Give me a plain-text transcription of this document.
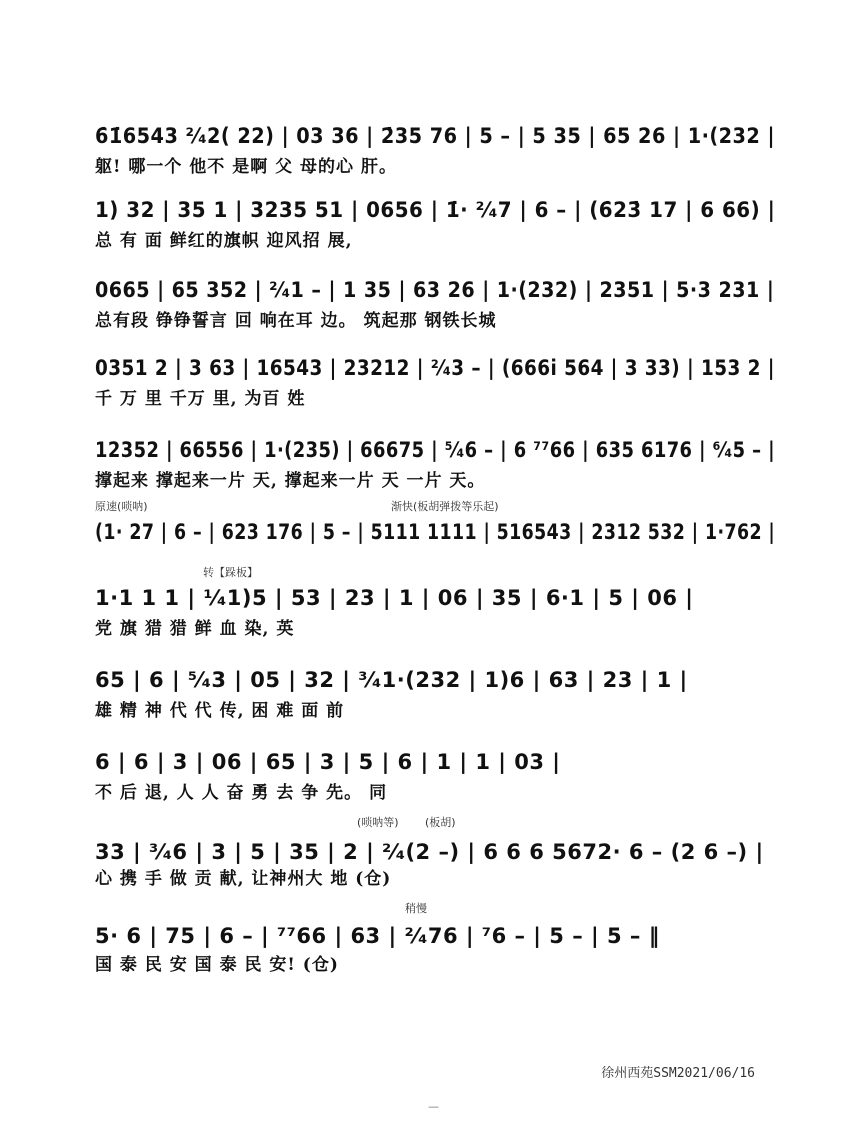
6̇1̇6543 ²⁄₄2( 22) | 03 36 | 2̇35 76 | 5 – | 5 35 | 65 26 | 1·(232 |
躯! 哪一个 他不 是啊 父 母的心 肝。
1) 32 | 35 1 | 3235 51 | 0656 | 1̇· ²⁄₄7 | 6 – | (6̇23̇ 17 | 6 66) |
总 有 面 鲜红的旗帜 迎风招 展,
0665 | 65 352 | ²⁄₄1 – | 1 35 | 63 26 | 1·(232) | 2351 | 5·3 231 |
总有段 铮铮誓言 回 响在耳 边。 筑起那 钢铁长城
0351 2 | 3 63 | 16543 | 23212 | ²⁄₄3 – | (666i 564 | 3 33) | 153 2 |
千 万 里 千万 里, 为百 姓
12352 | 66556 | 1·(235) | 66675 | ⁵⁄₄6 – | 6 ⁷⁷66 | 635 6176 | ⁶⁄₄5 – |
撑起来 撑起来一片 天, 撑起来一片 天 一片 天。
原速(唢呐)	渐快(板胡弹拨等乐起)
(1· 27 | 6 – | 623 176 | 5 – | 5111 1111 | 516543 | 2312 532 | 1·762 |
转【跺板】
1·1 1 1 | ¹⁄₄1)5 | 53 | 23 | 1 | 06 | 35 | 6·1 | 5 | 06 |
党 旗 猎 猎 鲜 血 染, 英
65 | 6 | ⁵⁄₄3 | 05 | 32 | ³⁄₄1·(232 | 1)6 | 63 | 23 | 1 |
雄 精 神 代 代 传, 困 难 面 前
6 | 6 | 3 | 06 | 65 | 3 | 5 | 6 | 1 | 1 | 03 |
不 后 退, 人 人 奋 勇 去 争 先。 同
(唢呐等) (板胡)
33 | ³⁄₄6 | 3 | 5 | 35 | 2 | ²⁄₄(2 –) | 6 6 6 5672· 6 – (2 6 –) |
心 携 手 做 贡 献, 让神州大 地 (仓)
稍慢
5· 6 | 75 | 6 – | ⁷⁷66 | 63 | ²⁄₄76 | ⁷6 – | 5 – | 5 – ‖
国 泰 民 安 国 泰 民 安! (仓)
徐州西苑SSM2021/06/16
—
